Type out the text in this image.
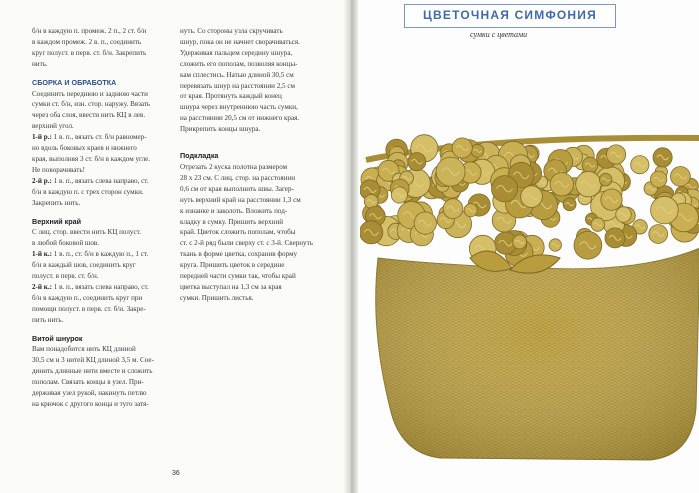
б/н в каждую п. промеж. 2 п., 2 ст. б/н

в каждом промеж. 2 в. п., соединить

круг полуст. в перв. ст. б/н. Закрепить

нить.

СБОРКА И ОБРАБОТКА

Соединить переднюю и заднюю части

сумки ст. б/н, изн. стор. наружу. Вязать

через оба слоя, ввести нить КЦ в лев.

верхний угол.

1-й р.: 1 в. п., вязать ст. б/н равномер-

но вдоль боковых краев и нижнего

края, выполняя 3 ст. б/н в каждом угле.

Не поворачивать!

2-й р.: 1 в. п., вязать слева направо, ст.

б/н в каждую п. с трех сторон сумки.

Закрепить нить.

Верхний край

С лиц. стор. ввести нить КЦ полуст.

в любой боковой шов.

1-й к.: 1 в. п., ст. б/н в каждую п., 1 ст.

б/н в каждый шов, соединить круг

полуст. в перв. ст. б/н.

2-й к.: 1 в. п., вязать слева направо, ст.

б/н в каждую п., соединить круг при

помощи полуст. в перв. ст. б/н. Закре-

пить нить.

Витой шнурок

Вам понадобится нить КЦ длиной

30,5 см и 3 нитей КЦ длиной 3,5 м. Сое-

динить длинные нити вместе и сложить

пополам. Связать концы в узел. При-

держивая узел рукой, накинуть петлю

на крючок с другого конца и туго затя-

нуть. Со стороны узла скручивать

шнур, пока он не начнет сворачиваться.

Удерживая пальцем середину шнура,

сложить его пополам, позволяя концы-

кам сплестись. Натью длиной 30,5 см

перевязать шнур на расстоянии 2,5 см

от края. Протянуть каждый конец

шнура через внутреннюю часть сумки,

на расстоянии 20,5 см от нижнего края.

Прикрепить концы шнура.

Подкладка

Отрезать 2 куска полотна размером

28 x 23 см. С лиц. стор. на расстоянии

0,6 см от края выполнить швы. Загер-

нуть верхний край на расстоянии 1,3 см

к изнанке и заколоть. Вложить под-

кладку в сумку. Пришить верхний

край. Цветок сложить пополам, чтобы

ст. с 2-й ряд были сверху ст. с 3-й. Свернуть

ткань в форме цветка, сохранив форму

круга. Пришить цветок в середине

передней части сумки так, чтобы край

цветка выступал на 1,3 см за края

сумки. Пришить листья.

36
ЦВЕТОЧНАЯ СИМФОНИЯ
сумки с цветами
